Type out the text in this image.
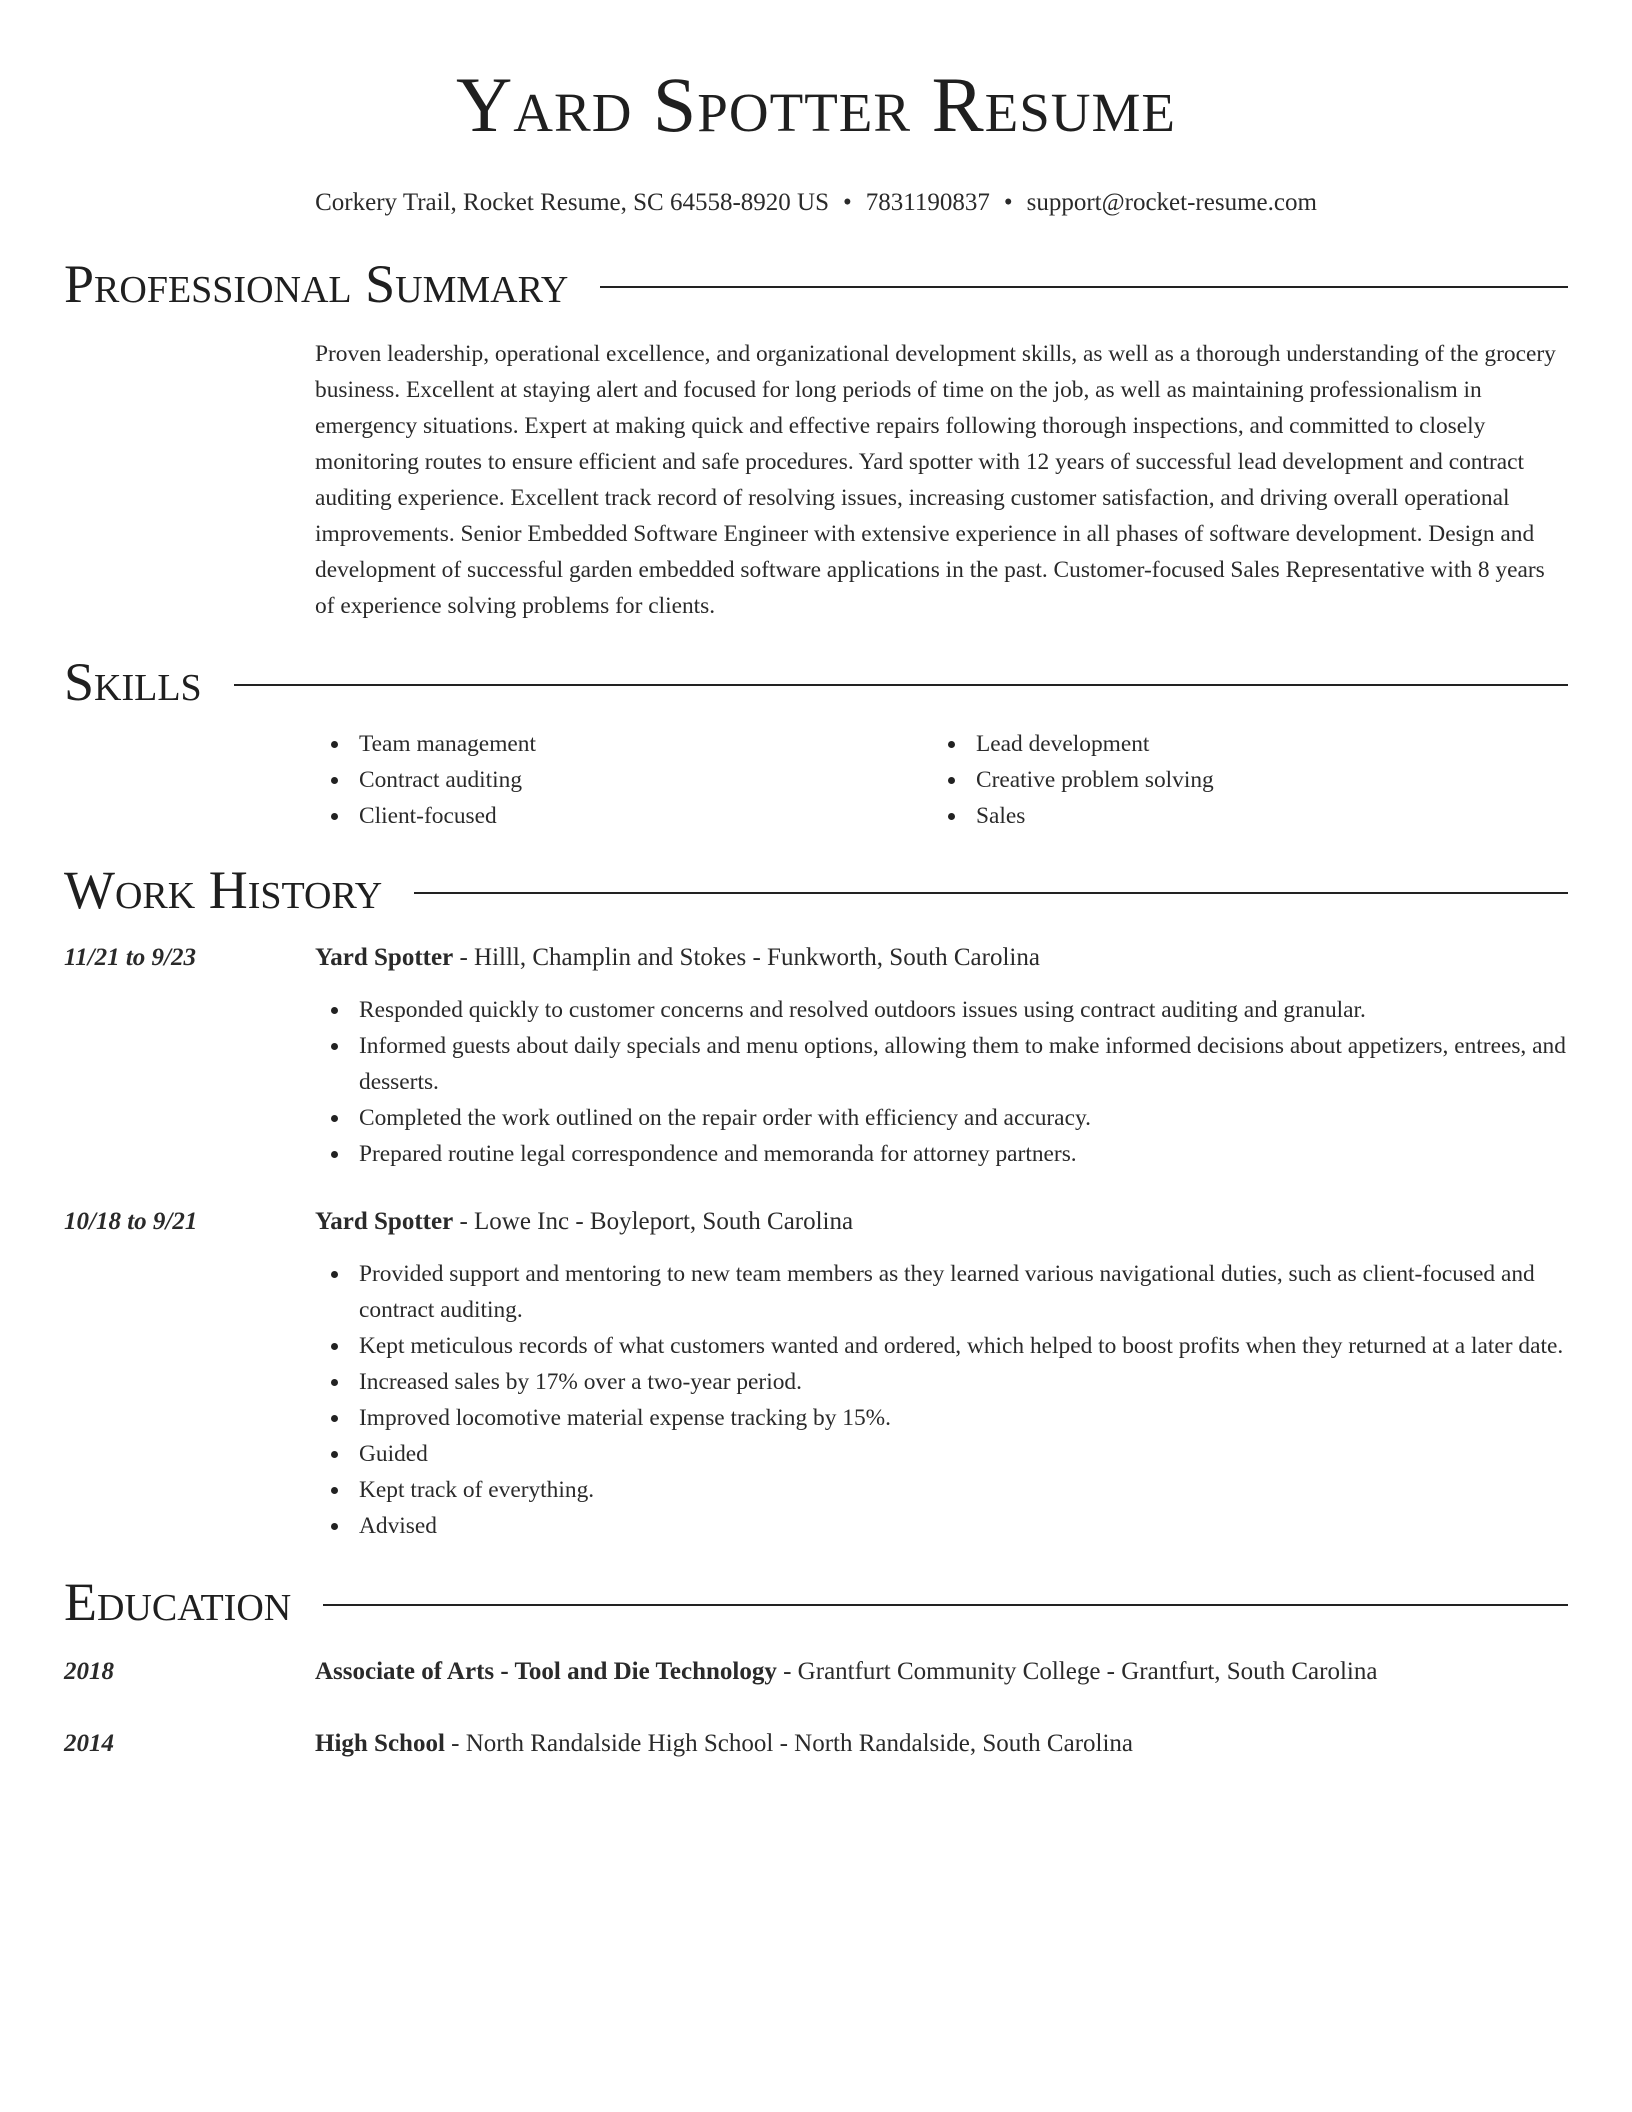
Yard Spotter Resume
Corkery Trail, Rocket Resume, SC 64558-8920 US • 7831190837 • support@rocket-resume.com
Professional Summary
Proven leadership, operational excellence, and organizational development skills, as well as a thorough understanding of the grocery business. Excellent at staying alert and focused for long periods of time on the job, as well as maintaining professionalism in emergency situations. Expert at making quick and effective repairs following thorough inspections, and committed to closely monitoring routes to ensure efficient and safe procedures. Yard spotter with 12 years of successful lead development and contract auditing experience. Excellent track record of resolving issues, increasing customer satisfaction, and driving overall operational improvements. Senior Embedded Software Engineer with extensive experience in all phases of software development. Design and development of successful garden embedded software applications in the past. Customer-focused Sales Representative with 8 years of experience solving problems for clients.
Skills
Team management
Contract auditing
Client-focused
Lead development
Creative problem solving
Sales
Work History
11/21 to 9/23	Yard Spotter - Hilll, Champlin and Stokes - Funkworth, South Carolina
Responded quickly to customer concerns and resolved outdoors issues using contract auditing and granular.
Informed guests about daily specials and menu options, allowing them to make informed decisions about appetizers, entrees, and desserts.
Completed the work outlined on the repair order with efficiency and accuracy.
Prepared routine legal correspondence and memoranda for attorney partners.
10/18 to 9/21	Yard Spotter - Lowe Inc - Boyleport, South Carolina
Provided support and mentoring to new team members as they learned various navigational duties, such as client-focused and contract auditing.
Kept meticulous records of what customers wanted and ordered, which helped to boost profits when they returned at a later date.
Increased sales by 17% over a two-year period.
Improved locomotive material expense tracking by 15%.
Guided
Kept track of everything.
Advised
Education
2018	Associate of Arts - Tool and Die Technology - Grantfurt Community College - Grantfurt, South Carolina
2014	High School - North Randalside High School - North Randalside, South Carolina
